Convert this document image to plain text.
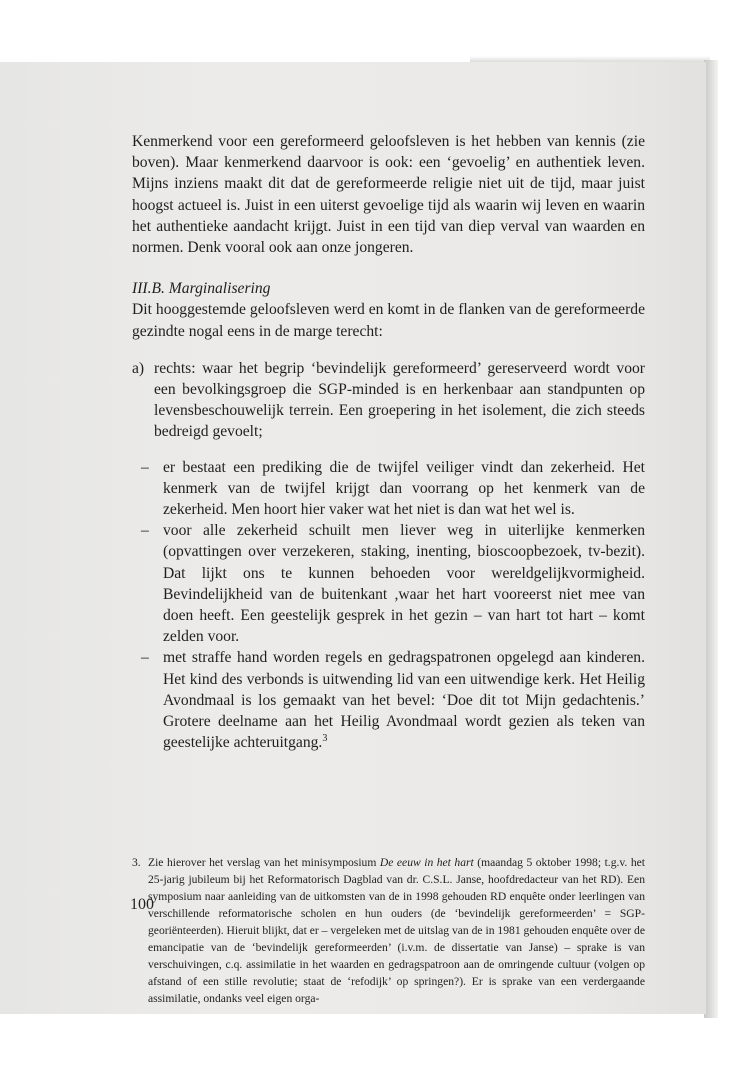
Kenmerkend voor een gereformeerd geloofsleven is het hebben van kennis (zie boven). Maar kenmerkend daarvoor is ook: een ‘gevoelig’ en authentiek leven. Mijns inziens maakt dit dat de gereformeerde religie niet uit de tijd, maar juist hoogst actueel is. Juist in een uiterst gevoelige tijd als waarin wij leven en waarin het authentieke aandacht krijgt. Juist in een tijd van diep verval van waarden en normen. Denk vooral ook aan onze jongeren.

III.B. Marginalisering

Dit hooggestemde geloofsleven werd en komt in de flanken van de gereformeerde gezindte nogal eens in de marge terecht:

a) rechts: waar het begrip ‘bevindelijk gereformeerd’ gereserveerd wordt voor een bevolkingsgroep die SGP-minded is en herkenbaar aan standpunten op levensbeschouwelijk terrein. Een groepering in het isolement, die zich steeds bedreigd gevoelt;
– er bestaat een prediking die de twijfel veiliger vindt dan zekerheid. Het kenmerk van de twijfel krijgt dan voorrang op het kenmerk van de zekerheid. Men hoort hier vaker wat het niet is dan wat het wel is.
– voor alle zekerheid schuilt men liever weg in uiterlijke kenmerken (opvattingen over verzekeren, staking, inenting, bioscoopbezoek, tv-bezit). Dat lijkt ons te kunnen behoeden voor wereldgelijkvormigheid. Bevindelijkheid van de buitenkant ,waar het hart vooreerst niet mee van doen heeft. Een geestelijk gesprek in het gezin – van hart tot hart – komt zelden voor.
– met straffe hand worden regels en gedragspatronen opgelegd aan kinderen. Het kind des verbonds is uitwending lid van een uitwendige kerk. Het Heilig Avondmaal is los gemaakt van het bevel: ‘Doe dit tot Mijn gedachtenis.’ Grotere deelname aan het Heilig Avondmaal wordt gezien als teken van geestelijke achteruitgang.$^3$
3. Zie hierover het verslag van het minisymposium De eeuw in het hart (maandag 5 oktober 1998; t.g.v. het 25-jarig jubileum bij het Reformatorisch Dagblad van dr. C.S.L. Janse, hoofdredacteur van het RD). Een symposium naar aanleiding van de uitkomsten van de in 1998 gehouden RD enquête onder leerlingen van verschillende reformatorische scholen en hun ouders (de ‘bevindelijk gereformeerden’ = SGP-georiënteerden). Hieruit blijkt, dat er – vergeleken met de uitslag van de in 1981 gehouden enquête over de emancipatie van de ‘bevindelijk gereformeerden’ (i.v.m. de dissertatie van Janse) – sprake is van verschuivingen, c.q. assimilatie in het waarden en gedragspatroon aan de omringende cultuur (volgen op afstand of een stille revolutie; staat de ‘refodijk’ op springen?). Er is sprake van een verdergaande assimilatie, ondanks veel eigen orga-
100
